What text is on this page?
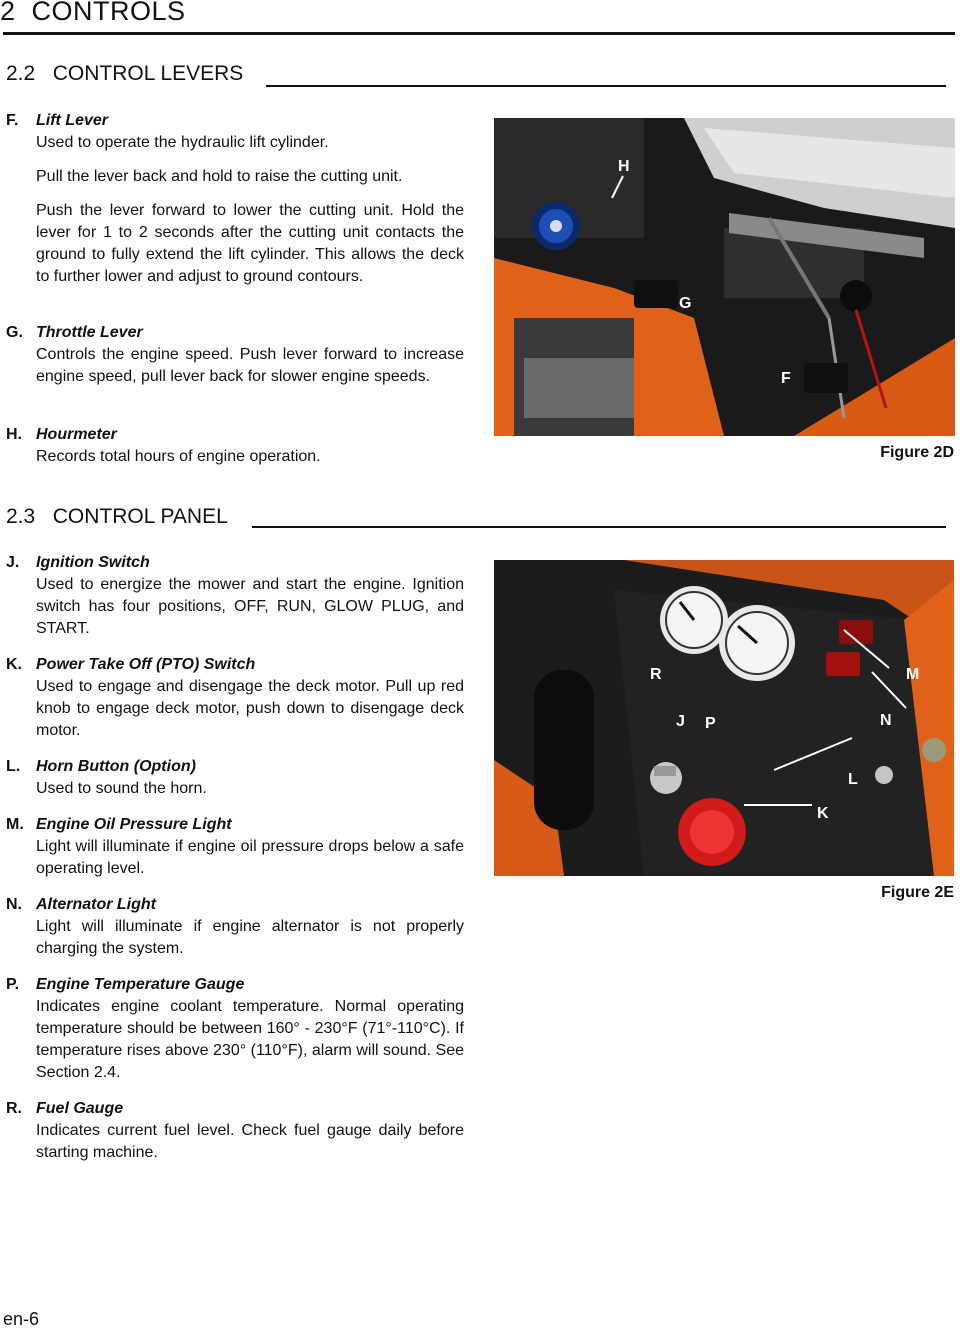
2 CONTROLS
2.2 CONTROL LEVERS
F.	Lift Lever

Used to operate the hydraulic lift cylinder.

Pull the lever back and hold to raise the cutting unit.

Push the lever forward to lower the cutting unit. Hold the lever for 1 to 2 seconds after the cutting unit contacts the ground to fully extend the lift cylinder. This allows the deck to further lower and adjust to ground contours.

G. Throttle Lever

Controls the engine speed. Push lever forward to increase engine speed, pull lever back for slower engine speeds.

H. Hourmeter

Records total hours of engine operation.

H
G
F
Figure 2D
2.3 CONTROL PANEL
J.	Ignition Switch

Used to energize the mower and start the engine. Ignition switch has four positions, OFF, RUN, GLOW PLUG, and START.

K. Power Take Off (PTO) Switch

Used to engage and disengage the deck motor. Pull up red knob to engage deck motor, push down to disengage deck motor.

L. Horn Button (Option)

Used to sound the horn.

M. Engine Oil Pressure Light

Light will illuminate if engine oil pressure drops below a safe operating level.

N. Alternator Light

Light will illuminate if engine alternator is not properly charging the system.

P.	Engine Temperature Gauge

Indicates engine coolant temperature. Normal operating temperature should be between 160° - 230°F (71°-110°C). If temperature rises above 230° (110°F), alarm will sound. See Section 2.4.

R. Fuel Gauge

Indicates current fuel level. Check fuel gauge daily before starting machine.

R	M
J P	N
L
K
Figure 2E
en-6
